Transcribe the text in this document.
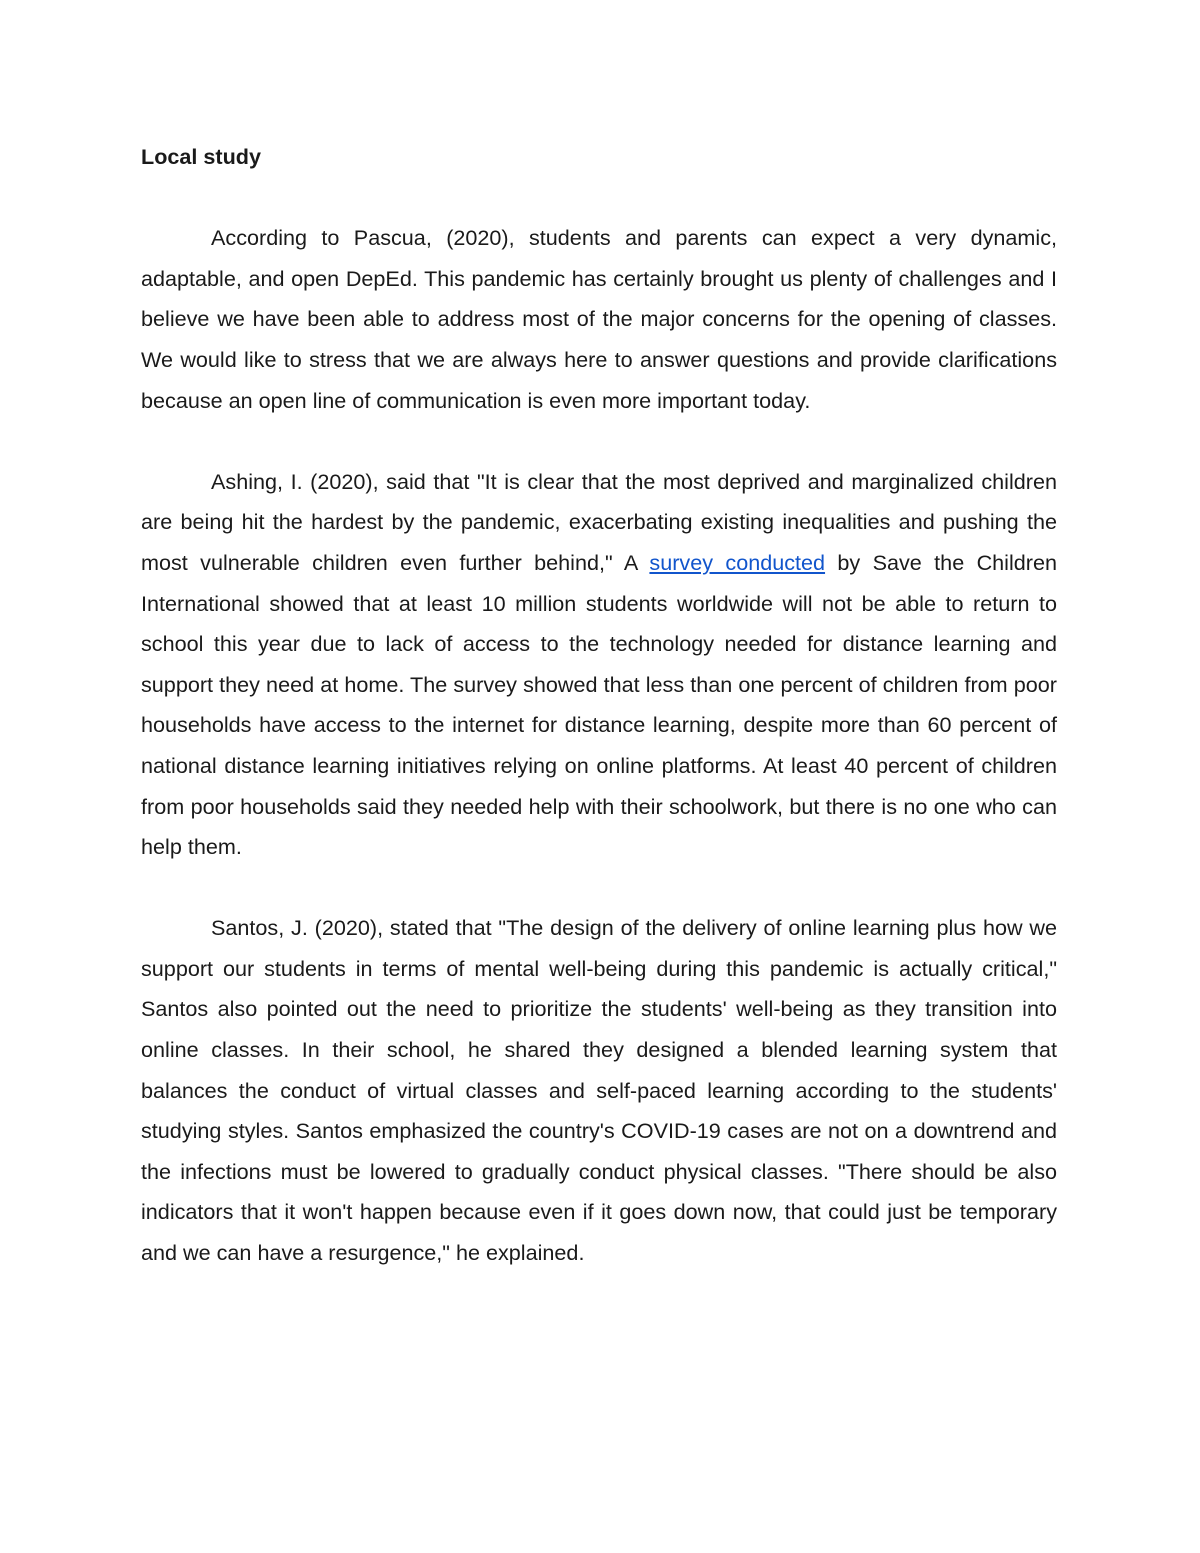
Local study

According to Pascua, (2020), students and parents can expect a very dynamic, adaptable, and open DepEd. This pandemic has certainly brought us plenty of challenges and I believe we have been able to address most of the major concerns for the opening of classes. We would like to stress that we are always here to answer questions and provide clarifications because an open line of communication is even more important today.

Ashing, I. (2020), said that "It is clear that the most deprived and marginalized children are being hit the hardest by the pandemic, exacerbating existing inequalities and pushing the most vulnerable children even further behind," A survey conducted by Save the Children International showed that at least 10 million students worldwide will not be able to return to school this year due to lack of access to the technology needed for distance learning and support they need at home. The survey showed that less than one percent of children from poor households have access to the internet for distance learning, despite more than 60 percent of national distance learning initiatives relying on online platforms. At least 40 percent of children from poor households said they needed help with their schoolwork, but there is no one who can help them.

Santos, J. (2020), stated that "The design of the delivery of online learning plus how we support our students in terms of mental well-being during this pandemic is actually critical," Santos also pointed out the need to prioritize the students' well-being as they transition into online classes. In their school, he shared they designed a blended learning system that balances the conduct of virtual classes and self-paced learning according to the students' studying styles. Santos emphasized the country's COVID-19 cases are not on a downtrend and the infections must be lowered to gradually conduct physical classes. "There should be also indicators that it won't happen because even if it goes down now, that could just be temporary and we can have a resurgence," he explained.
